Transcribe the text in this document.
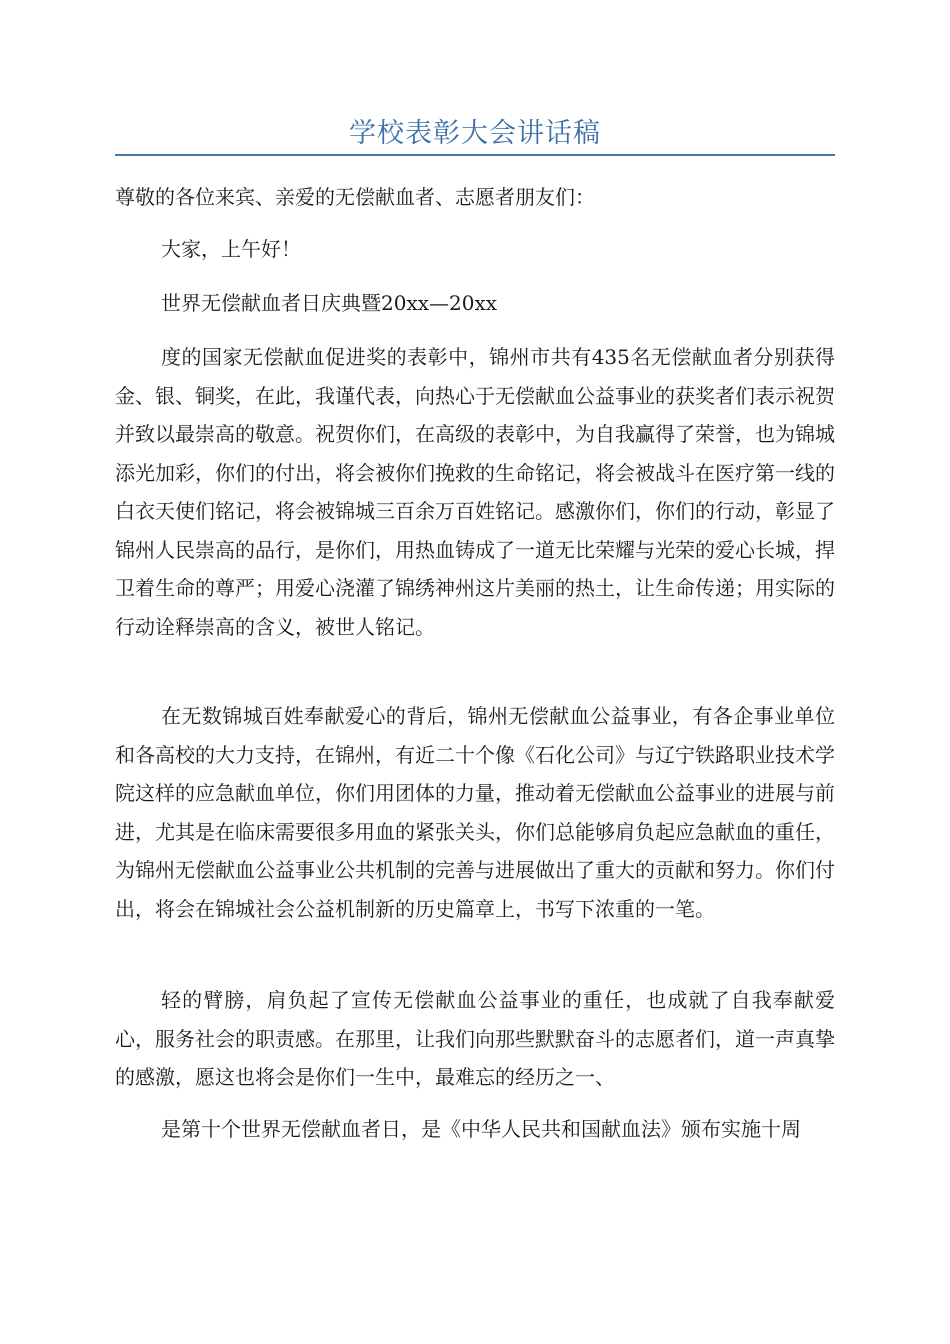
学校表彰大会讲话稿

尊敬的各位来宾、亲爱的无偿献血者、志愿者朋友们：

大家，上午好！

世界无偿献血者日庆典暨20xx—20xx

度的国家无偿献血促进奖的表彰中，锦州市共有435名无偿献血者分别获得金、银、铜奖，在此，我谨代表，向热心于无偿献血公益事业的获奖者们表示祝贺并致以最崇高的敬意。祝贺你们，在高级的表彰中，为自我赢得了荣誉，也为锦城添光加彩，你们的付出，将会被你们挽救的生命铭记，将会被战斗在医疗第一线的白衣天使们铭记，将会被锦城三百余万百姓铭记。感激你们，你们的行动，彰显了锦州人民崇高的品行，是你们，用热血铸成了一道无比荣耀与光荣的爱心长城，捍卫着生命的尊严；用爱心浇灌了锦绣神州这片美丽的热土，让生命传递；用实际的行动诠释崇高的含义，被世人铭记。

在无数锦城百姓奉献爱心的背后，锦州无偿献血公益事业，有各企事业单位和各高校的大力支持，在锦州，有近二十个像《石化公司》与辽宁铁路职业技术学院这样的应急献血单位，你们用团体的力量，推动着无偿献血公益事业的进展与前进，尤其是在临床需要很多用血的紧张关头，你们总能够肩负起应急献血的重任，为锦州无偿献血公益事业公共机制的完善与进展做出了重大的贡献和努力。你们付出，将会在锦城社会公益机制新的历史篇章上，书写下浓重的一笔。

轻的臂膀，肩负起了宣传无偿献血公益事业的重任，也成就了自我奉献爱心，服务社会的职责感。在那里，让我们向那些默默奋斗的志愿者们，道一声真挚的感激，愿这也将会是你们一生中，最难忘的经历之一、

是第十个世界无偿献血者日，是《中华人民共和国献血法》颁布实施十周
